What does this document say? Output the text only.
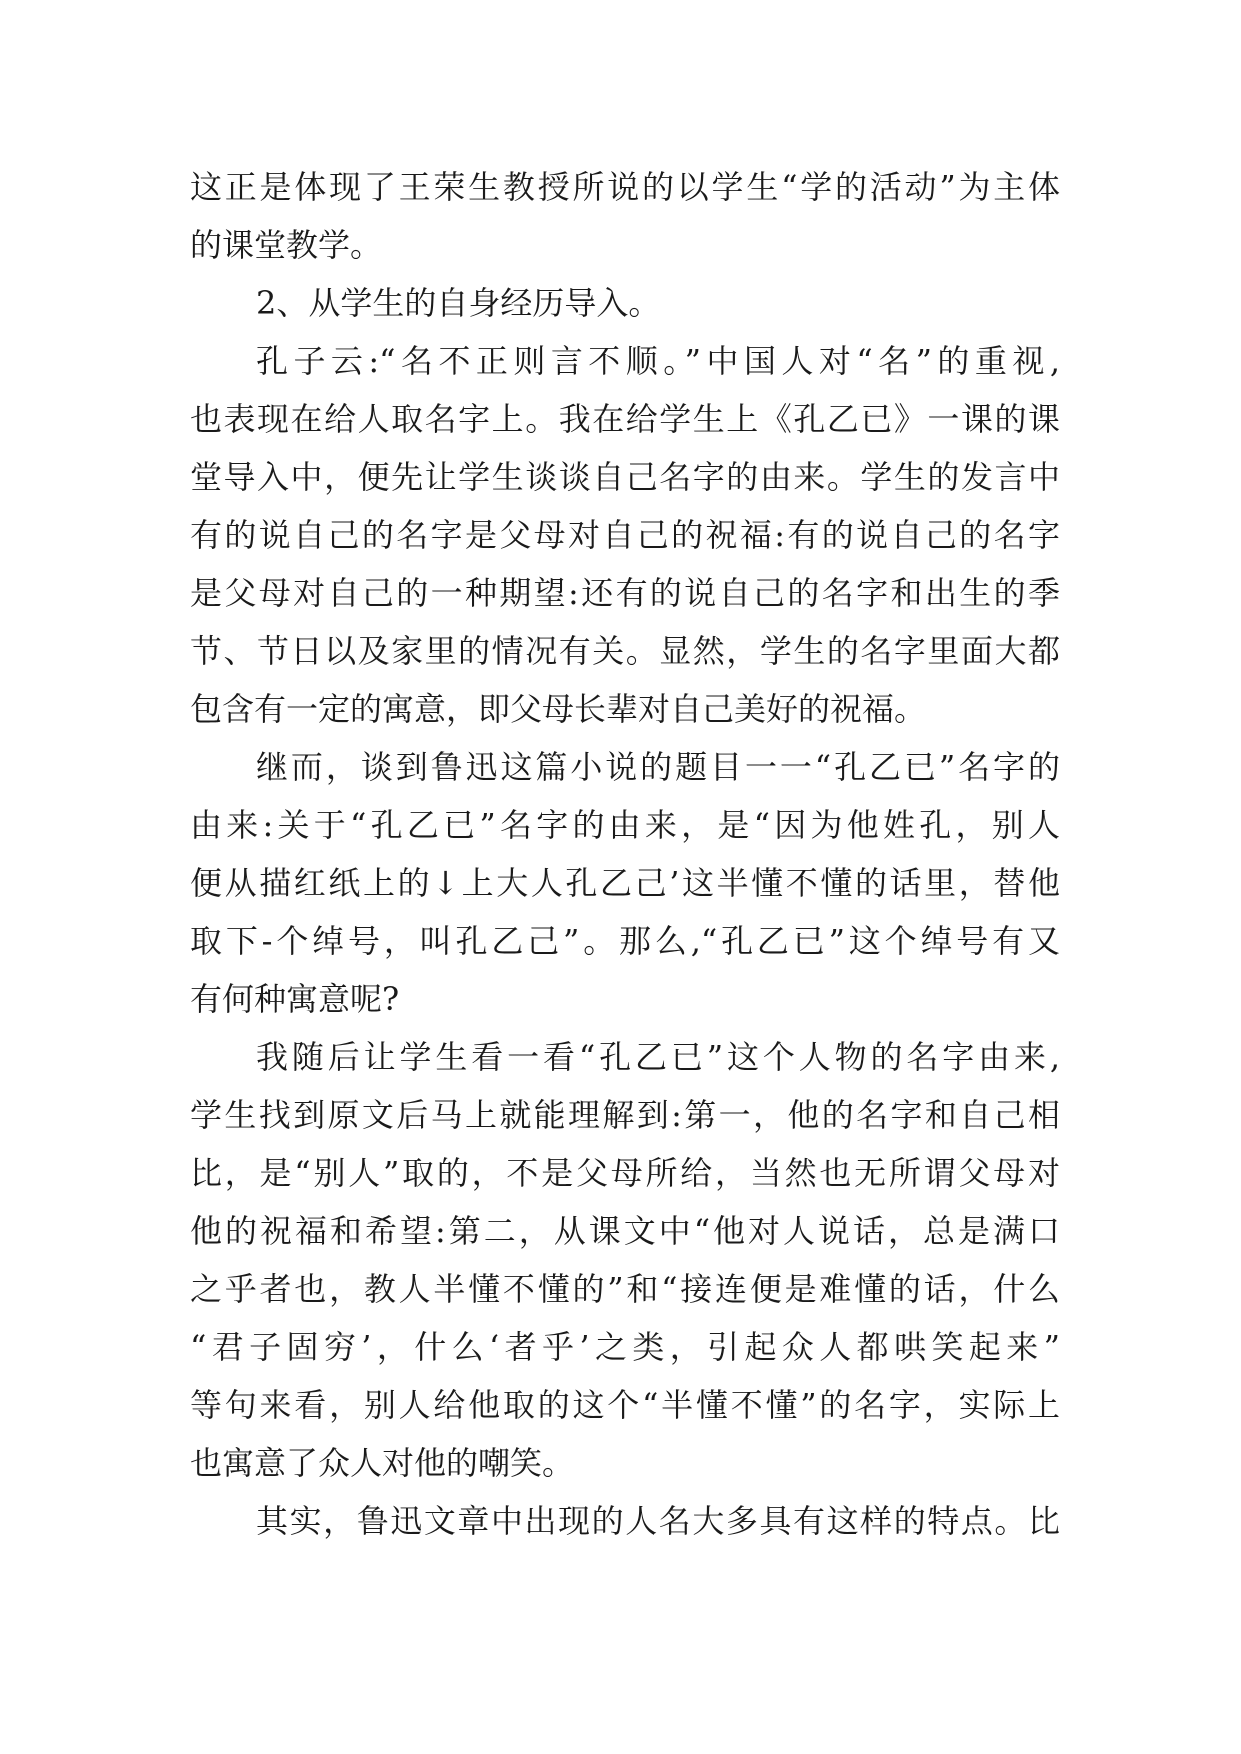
这正是体现了王荣生教授所说的以学生“学的活动”为主体
的课堂教学。
2、从学生的自身经历导入。
孔子云:“名不正则言不顺。”中国人对“名”的重视,
也表现在给人取名字上。我在给学生上《孔乙已》一课的课
堂导入中，便先让学生谈谈自己名字的由来。学生的发言中
有的说自己的名字是父母对自己的祝福:有的说自己的名字
是父母对自己的一种期望:还有的说自己的名字和出生的季
节、节日以及家里的情况有关。显然，学生的名字里面大都
包含有一定的寓意，即父母长辈对自己美好的祝福。
继而，谈到鲁迅这篇小说的题目一一“孔乙已”名字的
由来:关于“孔乙已”名字的由来，是“因为他姓孔，别人
便从描红纸上的↓上大人孔乙己’这半懂不懂的话里，替他
取下-个绰号，叫孔乙己”。那么,“孔乙已”这个绰号有又
有何种寓意呢?
我随后让学生看一看“孔乙已”这个人物的名字由来,
学生找到原文后马上就能理解到:第一，他的名字和自己相
比，是“别人”取的，不是父母所给，当然也无所谓父母对
他的祝福和希望:第二，从课文中“他对人说话，总是满口
之乎者也，教人半懂不懂的”和“接连便是难懂的话，什么
“君子固穷’，什么‘者乎’之类，引起众人都哄笑起来”
等句来看，别人给他取的这个“半懂不懂”的名字，实际上
也寓意了众人对他的嘲笑。
其实，鲁迅文章中出现的人名大多具有这样的特点。比
